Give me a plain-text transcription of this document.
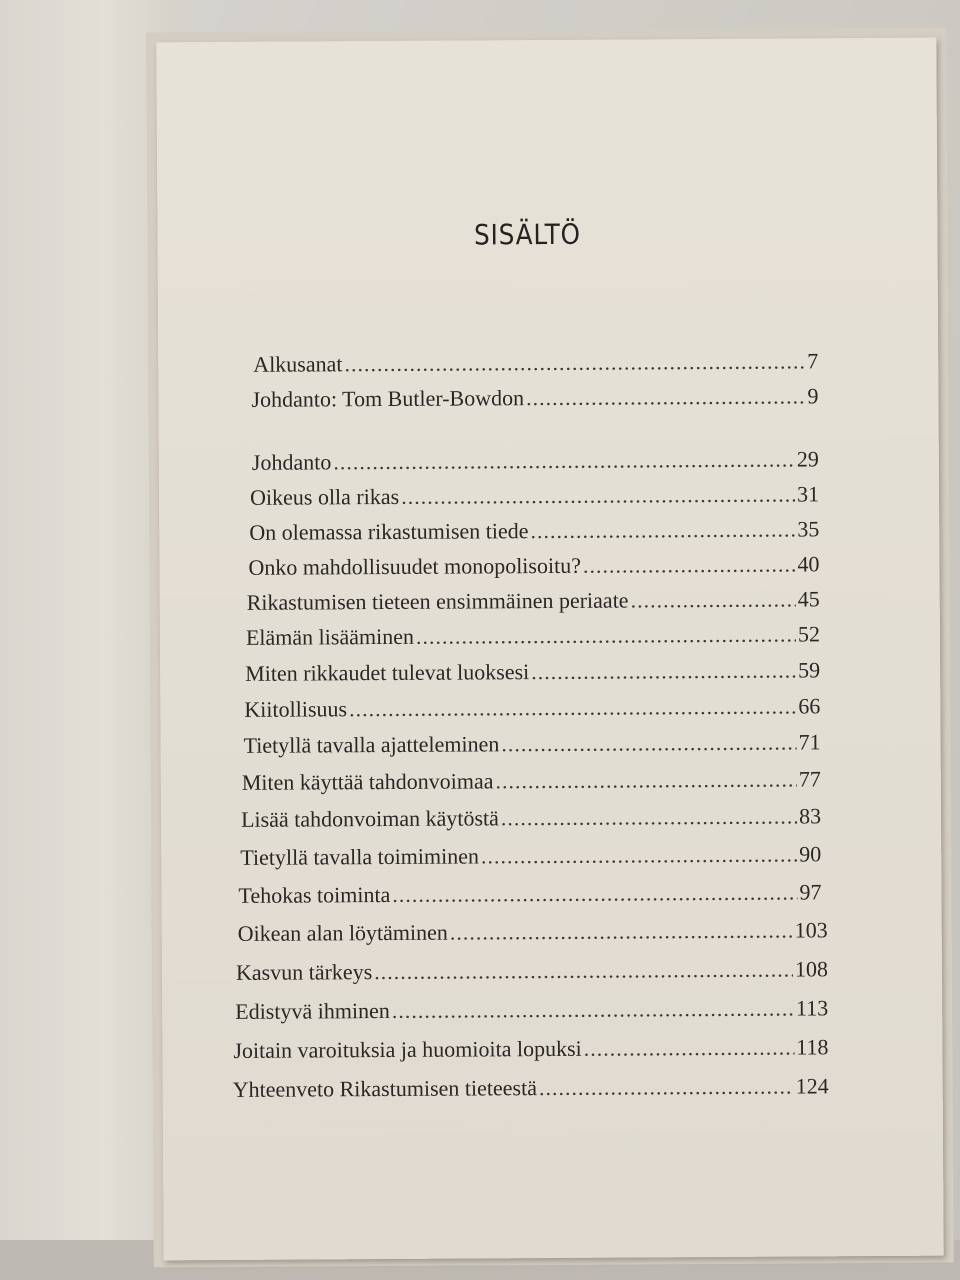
SISÄLTÖ
Alkusanat .....	7
Johdanto: Tom Butler-Bowdon .....	9
Johdanto .....	29
Oikeus olla rikas .....	31
On olemassa rikastumisen tiede .....	35
Onko mahdollisuudet monopolisoitu? .....	40
Rikastumisen tieteen ensimmäinen periaate .....	45
Elämän lisääminen .....	52
Miten rikkaudet tulevat luoksesi .....	59
Kiitollisuus .....	66
Tietyllä tavalla ajatteleminen .....	71
Miten käyttää tahdonvoimaa .....	77
Lisää tahdonvoiman käytöstä .....	83
Tietyllä tavalla toimiminen .....	90
Tehokas toiminta .....	97
Oikean alan löytäminen .....	103
Kasvun tärkeys .....	108
Edistyvä ihminen .....	113
Joitain varoituksia ja huomioita lopuksi .....	118
Yhteenveto Rikastumisen tieteestä .....	124
